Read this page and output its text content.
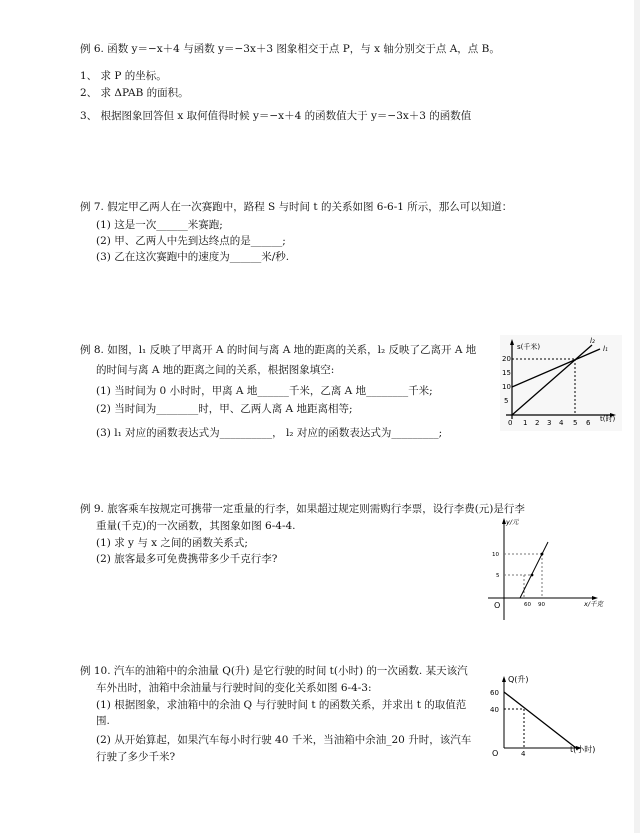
例 6. 函数 y＝−x＋4 与函数 y＝−3x＋3 图象相交于点 P，与 x 轴分别交于点 A，点 B。
1、 求 P 的坐标。
2、 求 ΔPAB 的面积。
3、 根据图象回答但 x 取何值得时候 y＝−x＋4 的函数值大于 y＝−3x＋3 的函数值
例 7. 假定甲乙两人在一次赛跑中，路程 S 与时间 t 的关系如图 6-6-1 所示，那么可以知道：
(1) 这是一次______米赛跑;
(2) 甲、乙两人中先到达终点的是______;
(3) 乙在这次赛跑中的速度为______米/秒.
例 8. 如图，l₁ 反映了甲离开 A 的时间与离 A 地的距离的关系，l₂ 反映了乙离开 A 地
的时间与离 A 地的距离之间的关系，根据图象填空:
(1) 当时间为 0 小时时，甲离 A 地______千米，乙离 A 地________千米;
(2) 当时间为________时，甲、乙两人离 A 地距离相等;
(3) l₁ 对应的函数表达式为__________， l₂ 对应的函数表达式为_________;
s(千米)
t(时)
l₁
l₂
20
15
10
5
0 1 2 3 4 5 6
例 9. 旅客乘车按规定可携带一定重量的行李，如果超过规定则需购行李票，设行李费(元)是行李
重量(千克)的一次函数，其图象如图 6-4-4.
(1) 求 y 与 x 之间的函数关系式;
(2) 旅客最多可免费携带多少千克行李?
y/元
x/千克
O
10
5
60 90
例 10. 汽车的油箱中的余油量 Q(升) 是它行驶的时间 t(小时) 的一次函数. 某天该汽
车外出时，油箱中余油量与行驶时间的变化关系如图 6-4-3:
(1) 根据图象，求油箱中的余油 Q 与行驶时间 t 的函数关系，并求出 t 的取值范
围.
(2) 从开始算起，如果汽车每小时行驶 40 千米，当油箱中余油_20 升时，该汽车
行驶了多少千米?
Q(升)
t(小时)
O
60
40
4
